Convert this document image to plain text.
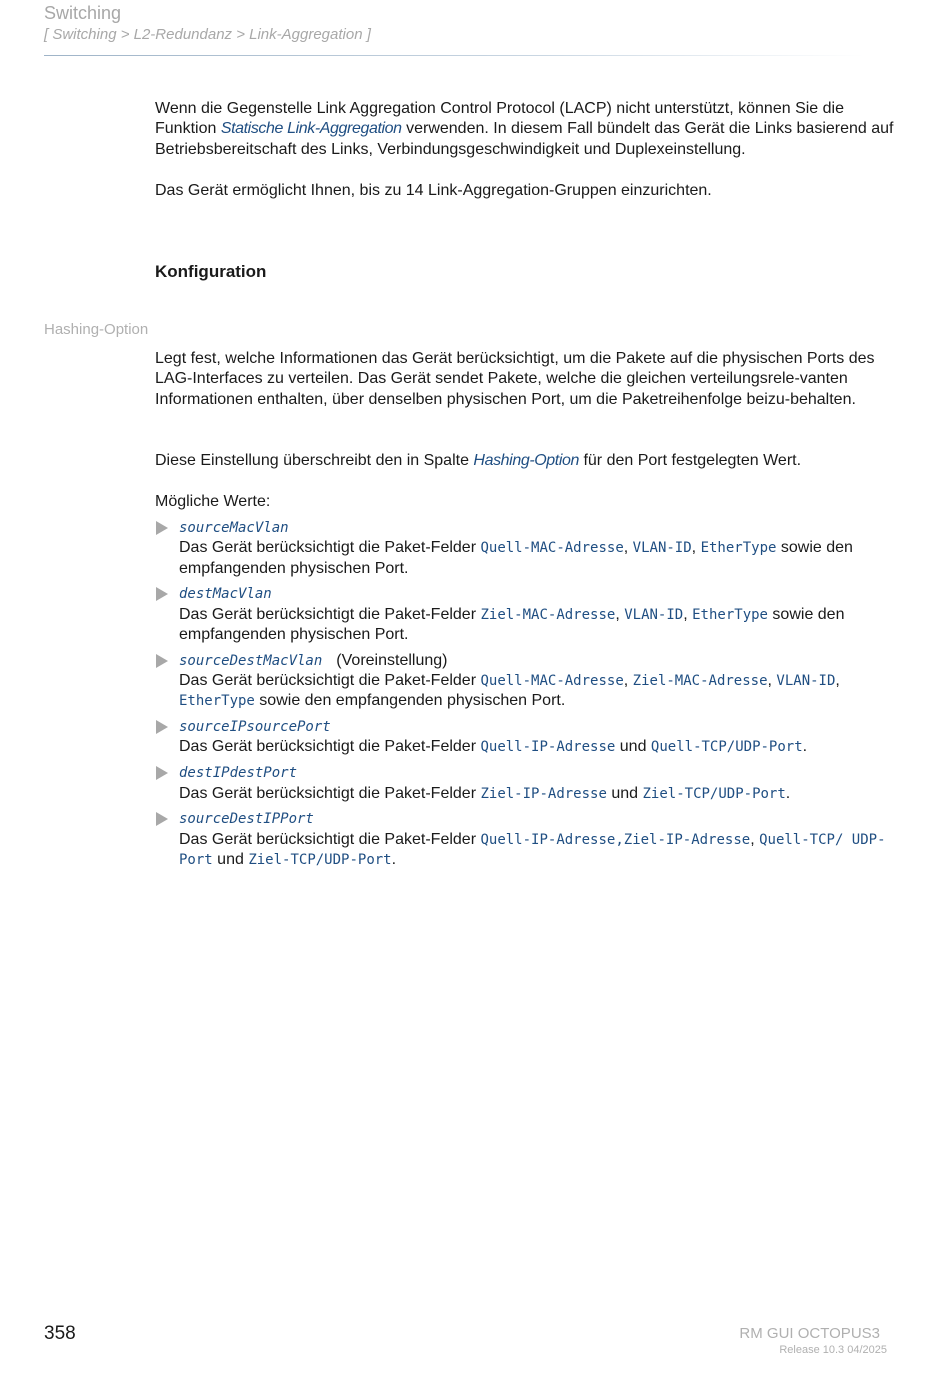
Switching
[ Switching > L2-Redundanz > Link-Aggregation ]

Wenn die Gegenstelle Link Aggregation Control Protocol (LACP) nicht unterstützt, können Sie die Funktion Statische Link-Aggregation verwenden. In diesem Fall bündelt das Gerät die Links basierend auf Betriebsbereitschaft des Links, Verbindungsgeschwindigkeit und Duplexeinstellung.

Das Gerät ermöglicht Ihnen, bis zu 14 Link-Aggregation-Gruppen einzurichten.

Konfiguration
Hashing-Option

Legt fest, welche Informationen das Gerät berücksichtigt, um die Pakete auf die physischen Ports des LAG-Interfaces zu verteilen. Das Gerät sendet Pakete, welche die gleichen verteilungsrele-vanten Informationen enthalten, über denselben physischen Port, um die Paketreihenfolge beizu-behalten.

Diese Einstellung überschreibt den in Spalte Hashing-Option für den Port festgelegten Wert.

Mögliche Werte:

sourceMacVlan
Das Gerät berücksichtigt die Paket-Felder Quell-MAC-Adresse, VLAN-ID, EtherType sowie den empfangenden physischen Port.
destMacVlan
Das Gerät berücksichtigt die Paket-Felder Ziel-MAC-Adresse, VLAN-ID, EtherType sowie den empfangenden physischen Port.
sourceDestMacVlan (Voreinstellung)
Das Gerät berücksichtigt die Paket-Felder Quell-MAC-Adresse, Ziel-MAC-Adresse, VLAN-ID, EtherType sowie den empfangenden physischen Port.
sourceIPsourcePort
Das Gerät berücksichtigt die Paket-Felder Quell-IP-Adresse und Quell-TCP/UDP-Port.
destIPdestPort
Das Gerät berücksichtigt die Paket-Felder Ziel-IP-Adresse und Ziel-TCP/UDP-Port.
sourceDestIPPort
Das Gerät berücksichtigt die Paket-Felder Quell-IP-Adresse,Ziel-IP-Adresse, Quell-TCP/ UDP-Port und Ziel-TCP/UDP-Port.
358	RM GUI OCTOPUS3
Release 10.3 04/2025
